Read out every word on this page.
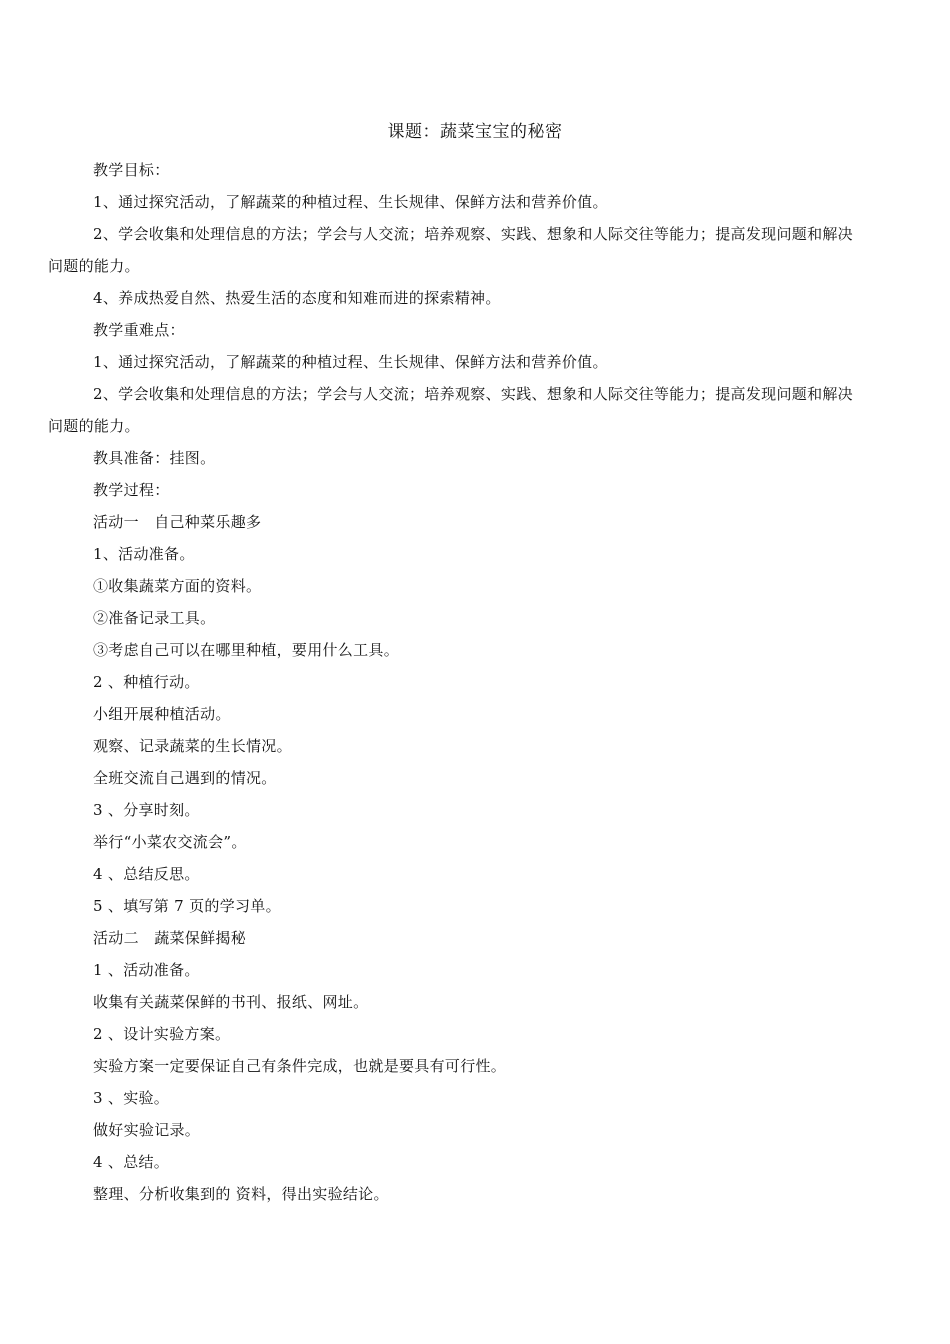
课题：蔬菜宝宝的秘密
教学目标：
1、通过探究活动，了解蔬菜的种植过程、生长规律、保鲜方法和营养价值。
2、学会收集和处理信息的方法；学会与人交流；培养观察、实践、想象和人际交往等能力；提高发现问题和解决问题的能力。
4、养成热爱自然、热爱生活的态度和知难而进的探索精神。
教学重难点：
1、通过探究活动，了解蔬菜的种植过程、生长规律、保鲜方法和营养价值。
2、学会收集和处理信息的方法；学会与人交流；培养观察、实践、想象和人际交往等能力；提高发现问题和解决问题的能力。
教具准备：挂图。
教学过程：
活动一　自己种菜乐趣多
1、活动准备。
①收集蔬菜方面的资料。
②准备记录工具。
③考虑自己可以在哪里种植，要用什么工具。
2 、种植行动。
小组开展种植活动。
观察、记录蔬菜的生长情况。
全班交流自己遇到的情况。
3 、分享时刻。
举行“小菜农交流会”。
4 、总结反思。
5 、填写第 7 页的学习单。
活动二　蔬菜保鲜揭秘
1 、活动准备。
收集有关蔬菜保鲜的书刊、报纸、网址。
2 、设计实验方案。
实验方案一定要保证自己有条件完成，也就是要具有可行性。
3 、实验。
做好实验记录。
4 、总结。
整理、分析收集到的 资料，得出实验结论。
